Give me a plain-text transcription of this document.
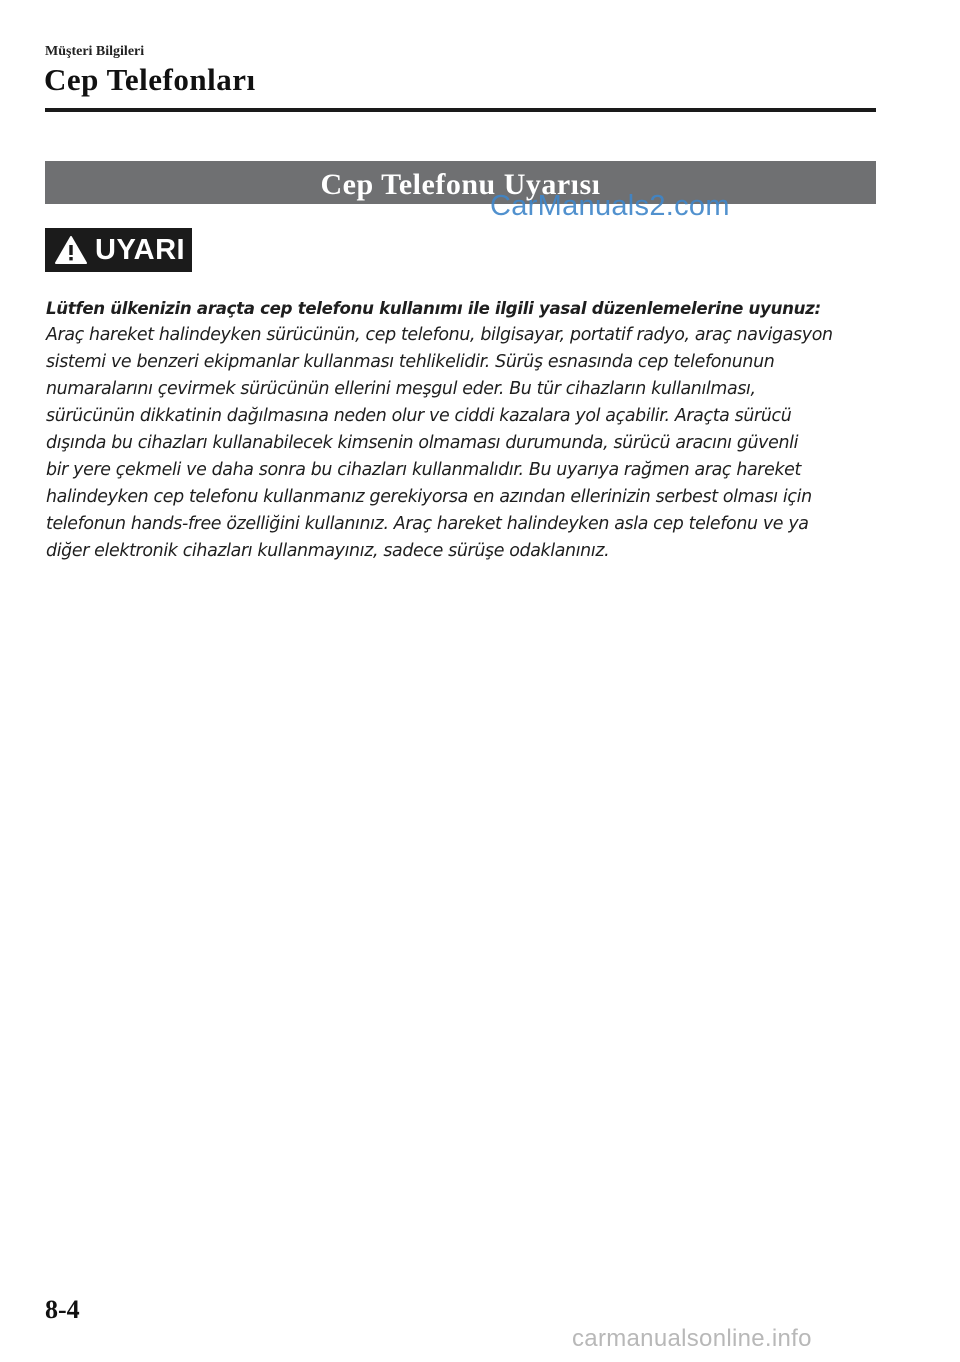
Müşteri Bilgileri
Cep Telefonları
Cep Telefonu Uyarısı
CarManuals2.com
UYARI
Lütfen ülkenizin araçta cep telefonu kullanımı ile ilgili yasal düzenlemelerine uyunuz:
Araç hareket halindeyken sürücünün, cep telefonu, bilgisayar, portatif radyo, araç navigasyon
sistemi ve benzeri ekipmanlar kullanması tehlikelidir. Sürüş esnasında cep telefonunun
numaralarını çevirmek sürücünün ellerini meşgul eder. Bu tür cihazların kullanılması,
sürücünün dikkatinin dağılmasına neden olur ve ciddi kazalara yol açabilir. Araçta sürücü
dışında bu cihazları kullanabilecek kimsenin olmaması durumunda, sürücü aracını güvenli
bir yere çekmeli ve daha sonra bu cihazları kullanmalıdır. Bu uyarıya rağmen araç hareket
halindeyken cep telefonu kullanmanız gerekiyorsa en azından ellerinizin serbest olması için
telefonun hands-free özelliğini kullanınız. Araç hareket halindeyken asla cep telefonu ve ya
diğer elektronik cihazları kullanmayınız, sadece sürüşe odaklanınız.
8-4
carmanualsonline.info
